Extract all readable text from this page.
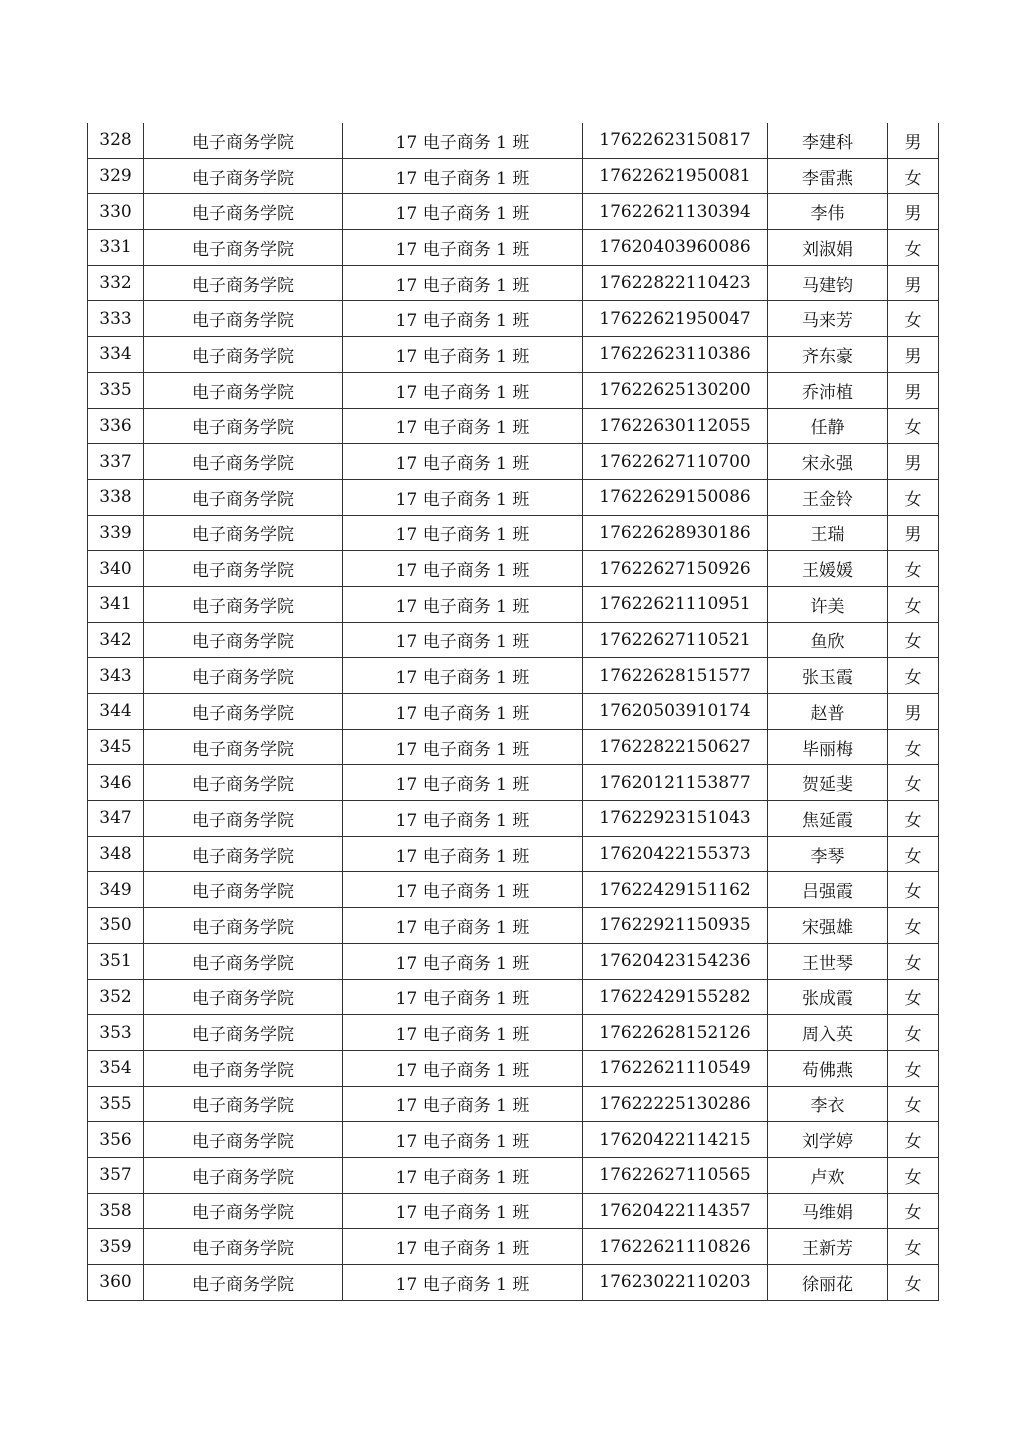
328	电子商务学院	17 电子商务 1 班	17622623150817	李建科	男
329	电子商务学院	17 电子商务 1 班	17622621950081	李雷燕	女
330	电子商务学院	17 电子商务 1 班	17622621130394	李伟	男
331	电子商务学院	17 电子商务 1 班	17620403960086	刘淑娟	女
332	电子商务学院	17 电子商务 1 班	17622822110423	马建钧	男
333	电子商务学院	17 电子商务 1 班	17622621950047	马来芳	女
334	电子商务学院	17 电子商务 1 班	17622623110386	齐东豪	男
335	电子商务学院	17 电子商务 1 班	17622625130200	乔沛植	男
336	电子商务学院	17 电子商务 1 班	17622630112055	任静	女
337	电子商务学院	17 电子商务 1 班	17622627110700	宋永强	男
338	电子商务学院	17 电子商务 1 班	17622629150086	王金铃	女
339	电子商务学院	17 电子商务 1 班	17622628930186	王瑞	男
340	电子商务学院	17 电子商务 1 班	17622627150926	王媛媛	女
341	电子商务学院	17 电子商务 1 班	17622621110951	许美	女
342	电子商务学院	17 电子商务 1 班	17622627110521	鱼欣	女
343	电子商务学院	17 电子商务 1 班	17622628151577	张玉霞	女
344	电子商务学院	17 电子商务 1 班	17620503910174	赵普	男
345	电子商务学院	17 电子商务 1 班	17622822150627	毕丽梅	女
346	电子商务学院	17 电子商务 1 班	17620121153877	贺延斐	女
347	电子商务学院	17 电子商务 1 班	17622923151043	焦延霞	女
348	电子商务学院	17 电子商务 1 班	17620422155373	李琴	女
349	电子商务学院	17 电子商务 1 班	17622429151162	吕强霞	女
350	电子商务学院	17 电子商务 1 班	17622921150935	宋强雄	女
351	电子商务学院	17 电子商务 1 班	17620423154236	王世琴	女
352	电子商务学院	17 电子商务 1 班	17622429155282	张成霞	女
353	电子商务学院	17 电子商务 1 班	17622628152126	周入英	女
354	电子商务学院	17 电子商务 1 班	17622621110549	苟佛燕	女
355	电子商务学院	17 电子商务 1 班	17622225130286	李衣	女
356	电子商务学院	17 电子商务 1 班	17620422114215	刘学婷	女
357	电子商务学院	17 电子商务 1 班	17622627110565	卢欢	女
358	电子商务学院	17 电子商务 1 班	17620422114357	马维娟	女
359	电子商务学院	17 电子商务 1 班	17622621110826	王新芳	女
360	电子商务学院	17 电子商务 1 班	17623022110203	徐丽花	女
